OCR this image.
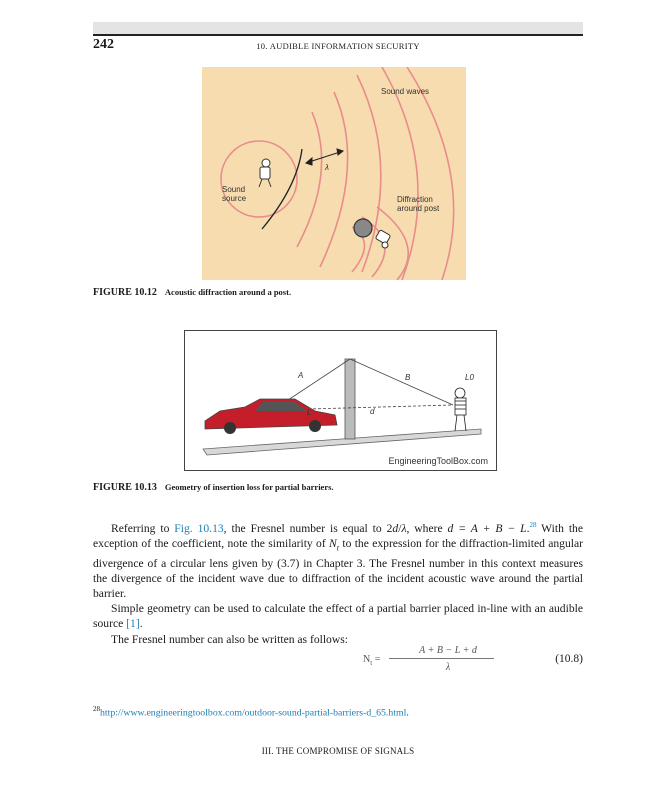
242	10. AUDIBLE INFORMATION SECURITY
Sound waves
Sound source
λ
Diffraction around post
FIGURE 10.12 Acoustic diffraction around a post.
A	B
L	d
L0
EngineeringToolBox.com
FIGURE 10.13 Geometry of insertion loss for partial barriers.

Referring to Fig. 10.13, the Fresnel number is equal to 2d/λ, where d = A + B − L.$^{28}$ With the exception of the coefficient, note the similarity of $N_t$ to the expression for the diffraction-limited angular divergence of a circular lens given by (3.7) in Chapter 3. The Fresnel number in this context measures the divergence of the incident wave due to diffraction of the incident acoustic wave around the partial barrier.

Simple geometry can be used to calculate the effect of a partial barrier placed in-line with an audible source [1].

The Fresnel number can also be written as follows:

$N_t$ =
A + B − L + d
λ
(10.8)
$^{28}$http://www.engineeringtoolbox.com/outdoor-sound-partial-barriers-d_65.html.
III. THE COMPROMISE OF SIGNALS
